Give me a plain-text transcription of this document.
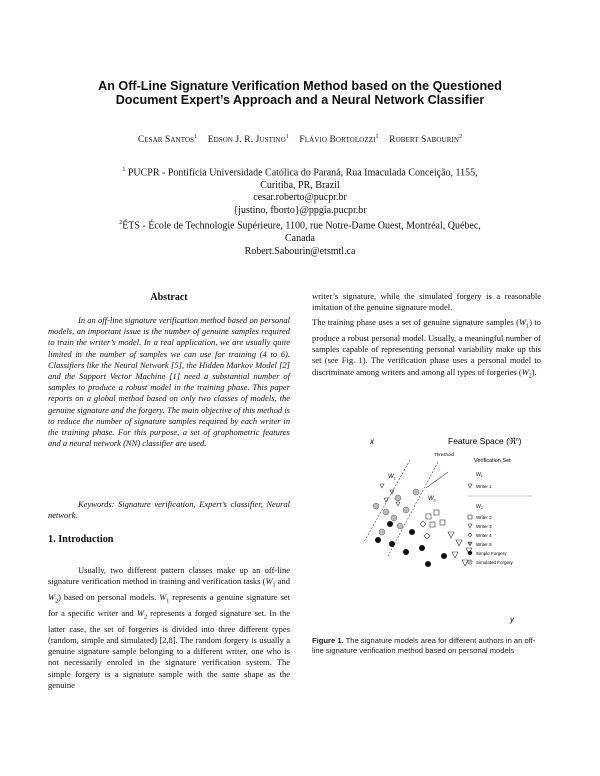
An Off-Line Signature Verification Method based on the Questioned
Document Expert’s Approach and a Neural Network Classifier
Cesar Santos$^1$ Edson J. R. Justino$^1$ Flávio Bortolozzi$^1$ Robert Sabourin$^2$
$^1$ PUCPR - Pontifícia Universidade Católica do Paraná, Rua Imaculada Conceição, 1155,
Curitiba, PR, Brazil
cesar.roberto@pucpr.br
{justino, fborto}@ppgia.pucpr.br
$^2$ÉTS - École de Technologie Supérieure, 1100, rue Notre-Dame Ouest, Montréal, Québec,
Canada
Robert.Sabourin@etsmtl.ca
Abstract
In an off-line signature verification method based on personal models, an important issue is the number of genuine samples required to train the writer’s model. In a real application, we are usually quite limited in the number of samples we can use for training (4 to 6). Classifiers like the Neural Network [5], the Hidden Markov Model [2] and the Support Vector Machine [1] need a substantial number of samples to produce a robust model in the training phase. This paper reports on a global method based on only two classes of models, the genuine signature and the forgery. The main objective of this method is to reduce the number of signature samples required by each writer in the training phase. For this purpose, a set of graphometric features and a neural network (NN) classifier are used.
Keywords: Signature verification, Expert’s classifier, Neural network.
1. Introduction
Usually, two different pattern classes make up an off-line signature verification method in training and verification tasks ($W_1$ and $W_2$) based on personal models. $W_1$ represents a genuine signature set for a specific writer and $W_2$ represents a forged signature set. In the latter case, the set of forgeries is divided into three different types (random, simple and simulated) [2,8]. The random forgery is usually a genuine signature sample belonging to a different writer, one who is not necessarily enroled in the signature verification system. The simple forgery is a signature sample with the same shape as the genuine
writer’s signature, while the simulated forgery is a reasonable imitation of the genuine signature model.
The training phase uses a set of genuine signature samples $(W_1)$ to produce a robust personal model. Usually, a meaningful number of samples capable of representing personal variability make up this set (see Fig. 1). The verification phase uses a personal model to discriminate among writers and among all types of forgeries $(W_2)$.
x
y
Feature Space (ℜ$^n$)
Threshold
$W_1$
$W_2$
Verification Set
$W_1$
Writer 1
$W_2$
Writer 2
Writer 3
Writer 4
Writer 5
Simple Forgery
Simulated Forgery
Figure 1. The signature models area for different authors in an off-line signature verification method based on personal models
